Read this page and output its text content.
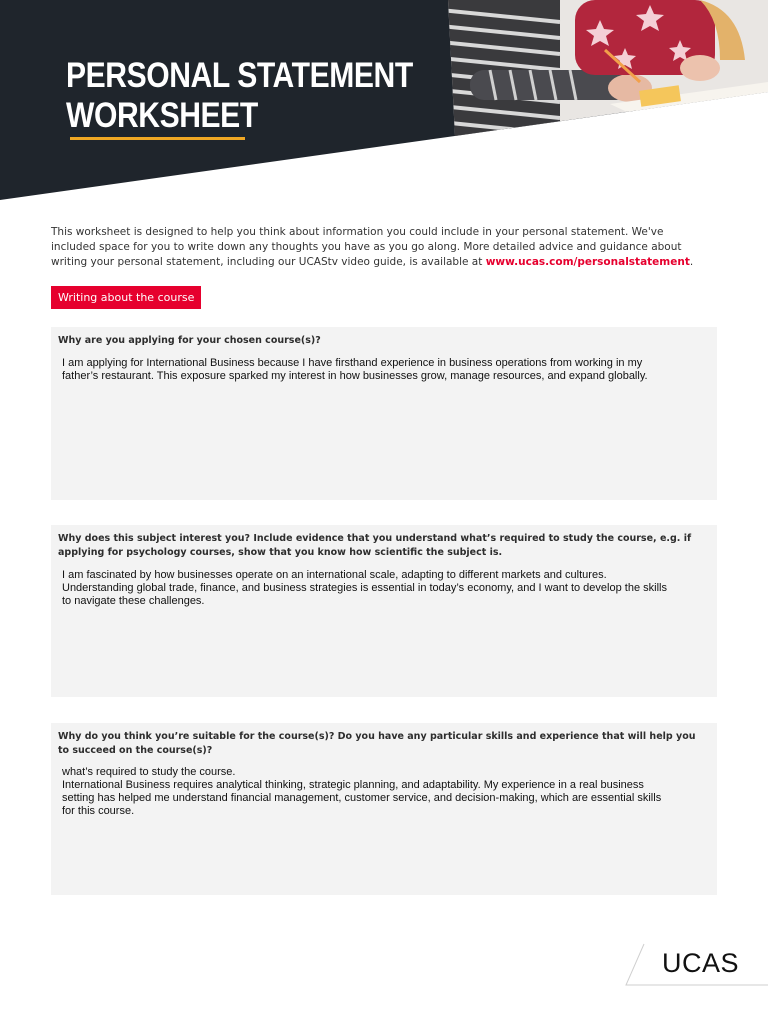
PERSONAL STATEMENT
WORKSHEET

This worksheet is designed to help you think about information you could include in your personal statement. We've included space for you to write down any thoughts you have as you go along. More detailed advice and guidance about writing your personal statement, including our UCAStv video guide, is available at www.ucas.com/personalstatement.

Writing about the course

Why are you applying for your chosen course(s)?

I am applying for International Business because I have firsthand experience in business operations from working in my
father’s restaurant. This exposure sparked my interest in how businesses grow, manage resources, and expand globally.

Why does this subject interest you? Include evidence that you understand what’s required to study the course, e.g. if applying for psychology courses, show that you know how scientific the subject is.

I am fascinated by how businesses operate on an international scale, adapting to different markets and cultures.
Understanding global trade, finance, and business strategies is essential in today’s economy, and I want to develop the skills
to navigate these challenges.

Why do you think you’re suitable for the course(s)? Do you have any particular skills and experience that will help you to succeed on the course(s)?

what’s required to study the course.
International Business requires analytical thinking, strategic planning, and adaptability. My experience in a real business
setting has helped me understand financial management, customer service, and decision-making, which are essential skills
for this course.

UCAS
